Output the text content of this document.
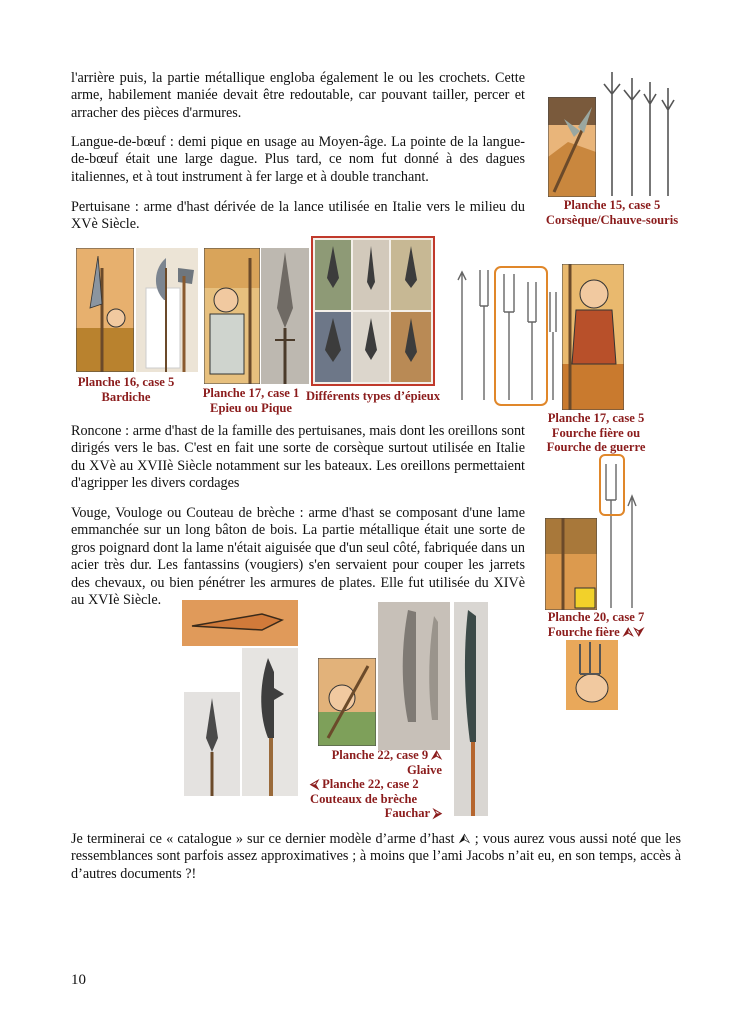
l'arrière puis, la partie métallique engloba également le ou les crochets. Cette arme, habilement maniée devait être redoutable, car pouvant tailler, percer et arracher des pièces d'armures.

Langue-de-bœuf : demi pique en usage au Moyen-âge. La pointe de la langue-de-bœuf était une large dague. Plus tard, ce nom fut donné à des dagues italiennes, et à tout instrument à fer large et à double tranchant.

Pertuisane : arme d'hast dérivée de la lance utilisée en Italie vers le milieu du XVè Siècle.

Ronconе : arme d'hast de la famille des pertuisanes, mais dont les oreillons sont dirigés vers le bas. C'est en fait une sorte de corsèque surtout utilisée en Italie du XVè au XVIIè Siècle notamment sur les bateaux. Les oreillons permettaient d'agripper les divers cordages

Vouge, Vouloge ou Couteau de brèche : arme d'hast se composant d'une lame emmanchée sur un long bâton de bois. La partie métallique était une sorte de gros poignard dont la lame n'était aiguisée que d'un seul côté, fabriquée dans un acier très dur. Les fantassins (vougiers) s'en servaient pour couper les jarrets des chevaux, ou bien pénétrer les armures de plates. Elle fut utilisée du XIVè au XVIè Siècle.

Je terminerai ce « catalogue » sur ce dernier modèle d’arme d’hast ⮙ ; vous aurez vous aussi noté que les ressemblances sont parfois assez approximatives ; à moins que l’ami Jacobs n’ait eu, en son temps, accès à d’autres documents ?!

10
Planche 15, case 5
Corsèque/Chauve-souris
Planche 16, case 5
Bardiche	Planche 17, case 1
Epieu ou Pique
Différents types d’épieux
Planche 17, case 5
Fourche fière ou
Fourche de guerre
Planche 20, case 7
Fourche fière ⮙⮛
Planche 22, case 9 ⮙
Glaive
⮘ Planche 22, case 2
Couteaux de brèche
Fauchar ⮚
